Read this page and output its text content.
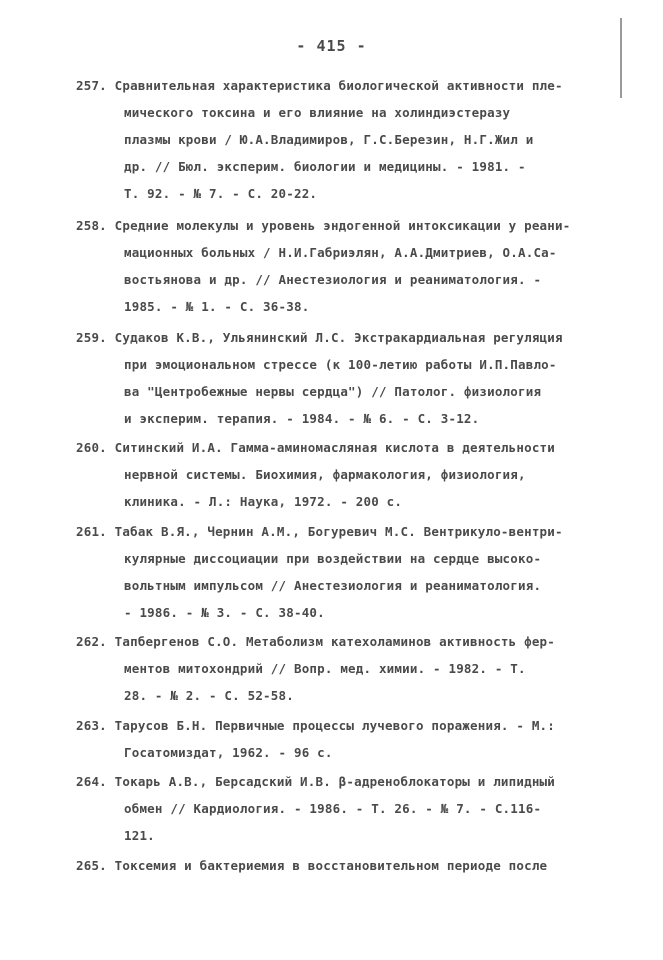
- 415 -
257. Сравнительная характеристика биологической активности пле-
мического токсина и его влияние на холиндиэстеразу
плазмы крови / Ю.А.Владимиров, Г.С.Березин, Н.Г.Жил и
др. // Бюл. эксперим. биологии и медицины. - 1981. -
Т. 92. - № 7. - С. 20-22.
258. Средние молекулы и уровень эндогенной интоксикации у реани-
мационных больных / Н.И.Габриэлян, А.А.Дмитриев, О.А.Са-
востьянова и др. // Анестезиология и реаниматология. -
1985. - № 1. - С. 36-38.
259. Судаков К.В., Ульянинский Л.С. Экстракардиальная регуляция
при эмоциональном стрессе (к 100-летию работы И.П.Павло-
ва "Центробежные нервы сердца") // Патолог. физиология
и эксперим. терапия. - 1984. - № 6. - С. 3-12.
260. Ситинский И.А. Гамма-аминомасляная кислота в деятельности
нервной системы. Биохимия, фармакология, физиология,
клиника. - Л.: Наука, 1972. - 200 с.
261. Табак В.Я., Чернин А.М., Богуревич М.С. Вентрикуло-вентри-
кулярные диссоциации при воздействии на сердце высоко-
вольтным импульсом // Анестезиология и реаниматология.
- 1986. - № 3. - С. 38-40.
262. Тапбергенов С.О. Метаболизм катехоламинов активность фер-
ментов митохондрий // Вопр. мед. химии. - 1982. - Т.
28. - № 2. - С. 52-58.
263. Тарусов Б.Н. Первичные процессы лучевого поражения. - М.:
Госатомиздат, 1962. - 96 с.
264. Токарь А.В., Берсадский И.В. β-адреноблокаторы и липидный
обмен // Кардиология. - 1986. - Т. 26. - № 7. - С.116-
121.
265. Токсемия и бактериемия в восстановительном периоде после
